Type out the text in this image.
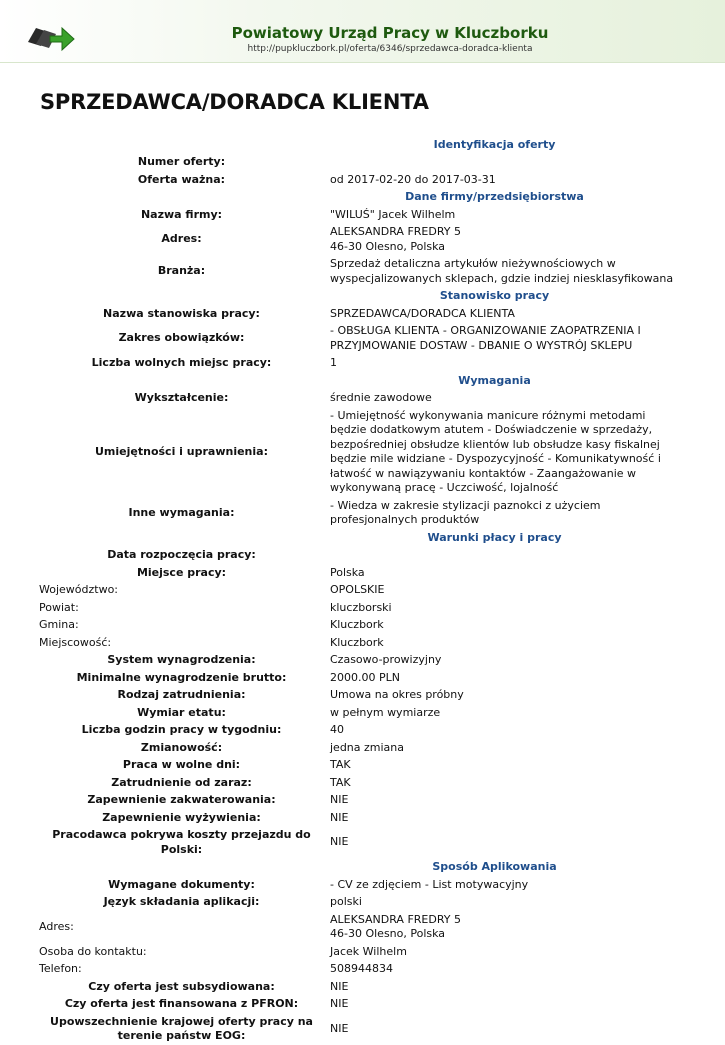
Powiatowy Urząd Pracy w Kluczborku
http://pupkluczbork.pl/oferta/6346/sprzedawca-doradca-klienta
SPRZEDAWCA/DORADCA KLIENTA
Identyfikacja oferty	
Numer oferty:	
Oferta ważna:	od 2017-02-20 do 2017-03-31
Dane firmy/przedsiębiorstwa	
Nazwa firmy:	"WILUŚ" Jacek Wilhelm
Adres:	ALEKSANDRA FREDRY 5
46-30 Olesno, Polska
Branża:	Sprzedaż detaliczna artykułów nieżywnościowych w wyspecjalizowanych sklepach, gdzie indziej niesklasyfikowana
Stanowisko pracy	
Nazwa stanowiska pracy:	SPRZEDAWCA/DORADCA KLIENTA
Zakres obowiązków:	- OBSŁUGA KLIENTA - ORGANIZOWANIE ZAOPATRZENIA I PRZYJMOWANIE DOSTAW - DBANIE O WYSTRÓJ SKLEPU
Liczba wolnych miejsc pracy:	1
Wymagania	
Wykształcenie:	średnie zawodowe
Umiejętności i uprawnienia:	- Umiejętność wykonywania manicure różnymi metodami będzie dodatkowym atutem - Doświadczenie w sprzedaży, bezpośredniej obsłudze klientów lub obsłudze kasy fiskalnej będzie mile widziane - Dyspozycyjność - Komunikatywność i łatwość w nawiązywaniu kontaktów - Zaangażowanie w wykonywaną pracę - Uczciwość, lojalność
Inne wymagania:	- Wiedza w zakresie stylizacji paznokci z użyciem profesjonalnych produktów
Warunki płacy i pracy	
Data rozpoczęcia pracy:	
Miejsce pracy:	Polska
Województwo:	OPOLSKIE
Powiat:	kluczborski
Gmina:	Kluczbork
Miejscowość:	Kluczbork
System wynagrodzenia:	Czasowo-prowizyjny
Minimalne wynagrodzenie brutto:	2000.00 PLN
Rodzaj zatrudnienia:	Umowa na okres próbny
Wymiar etatu:	w pełnym wymiarze
Liczba godzin pracy w tygodniu:	40
Zmianowość:	jedna zmiana
Praca w wolne dni:	TAK
Zatrudnienie od zaraz:	TAK
Zapewnienie zakwaterowania:	NIE
Zapewnienie wyżywienia:	NIE
Pracodawca pokrywa koszty przejazdu do Polski:	NIE
Sposób Aplikowania	
Wymagane dokumenty:	- CV ze zdjęciem - List motywacyjny
Język składania aplikacji:	polski
Adres:	ALEKSANDRA FREDRY 5
46-30 Olesno, Polska
Osoba do kontaktu:	Jacek Wilhelm
Telefon:	508944834
Czy oferta jest subsydiowana:	NIE
Czy oferta jest finansowana z PFRON:	NIE
Upowszechnienie krajowej oferty pracy na terenie państw EOG:	NIE
